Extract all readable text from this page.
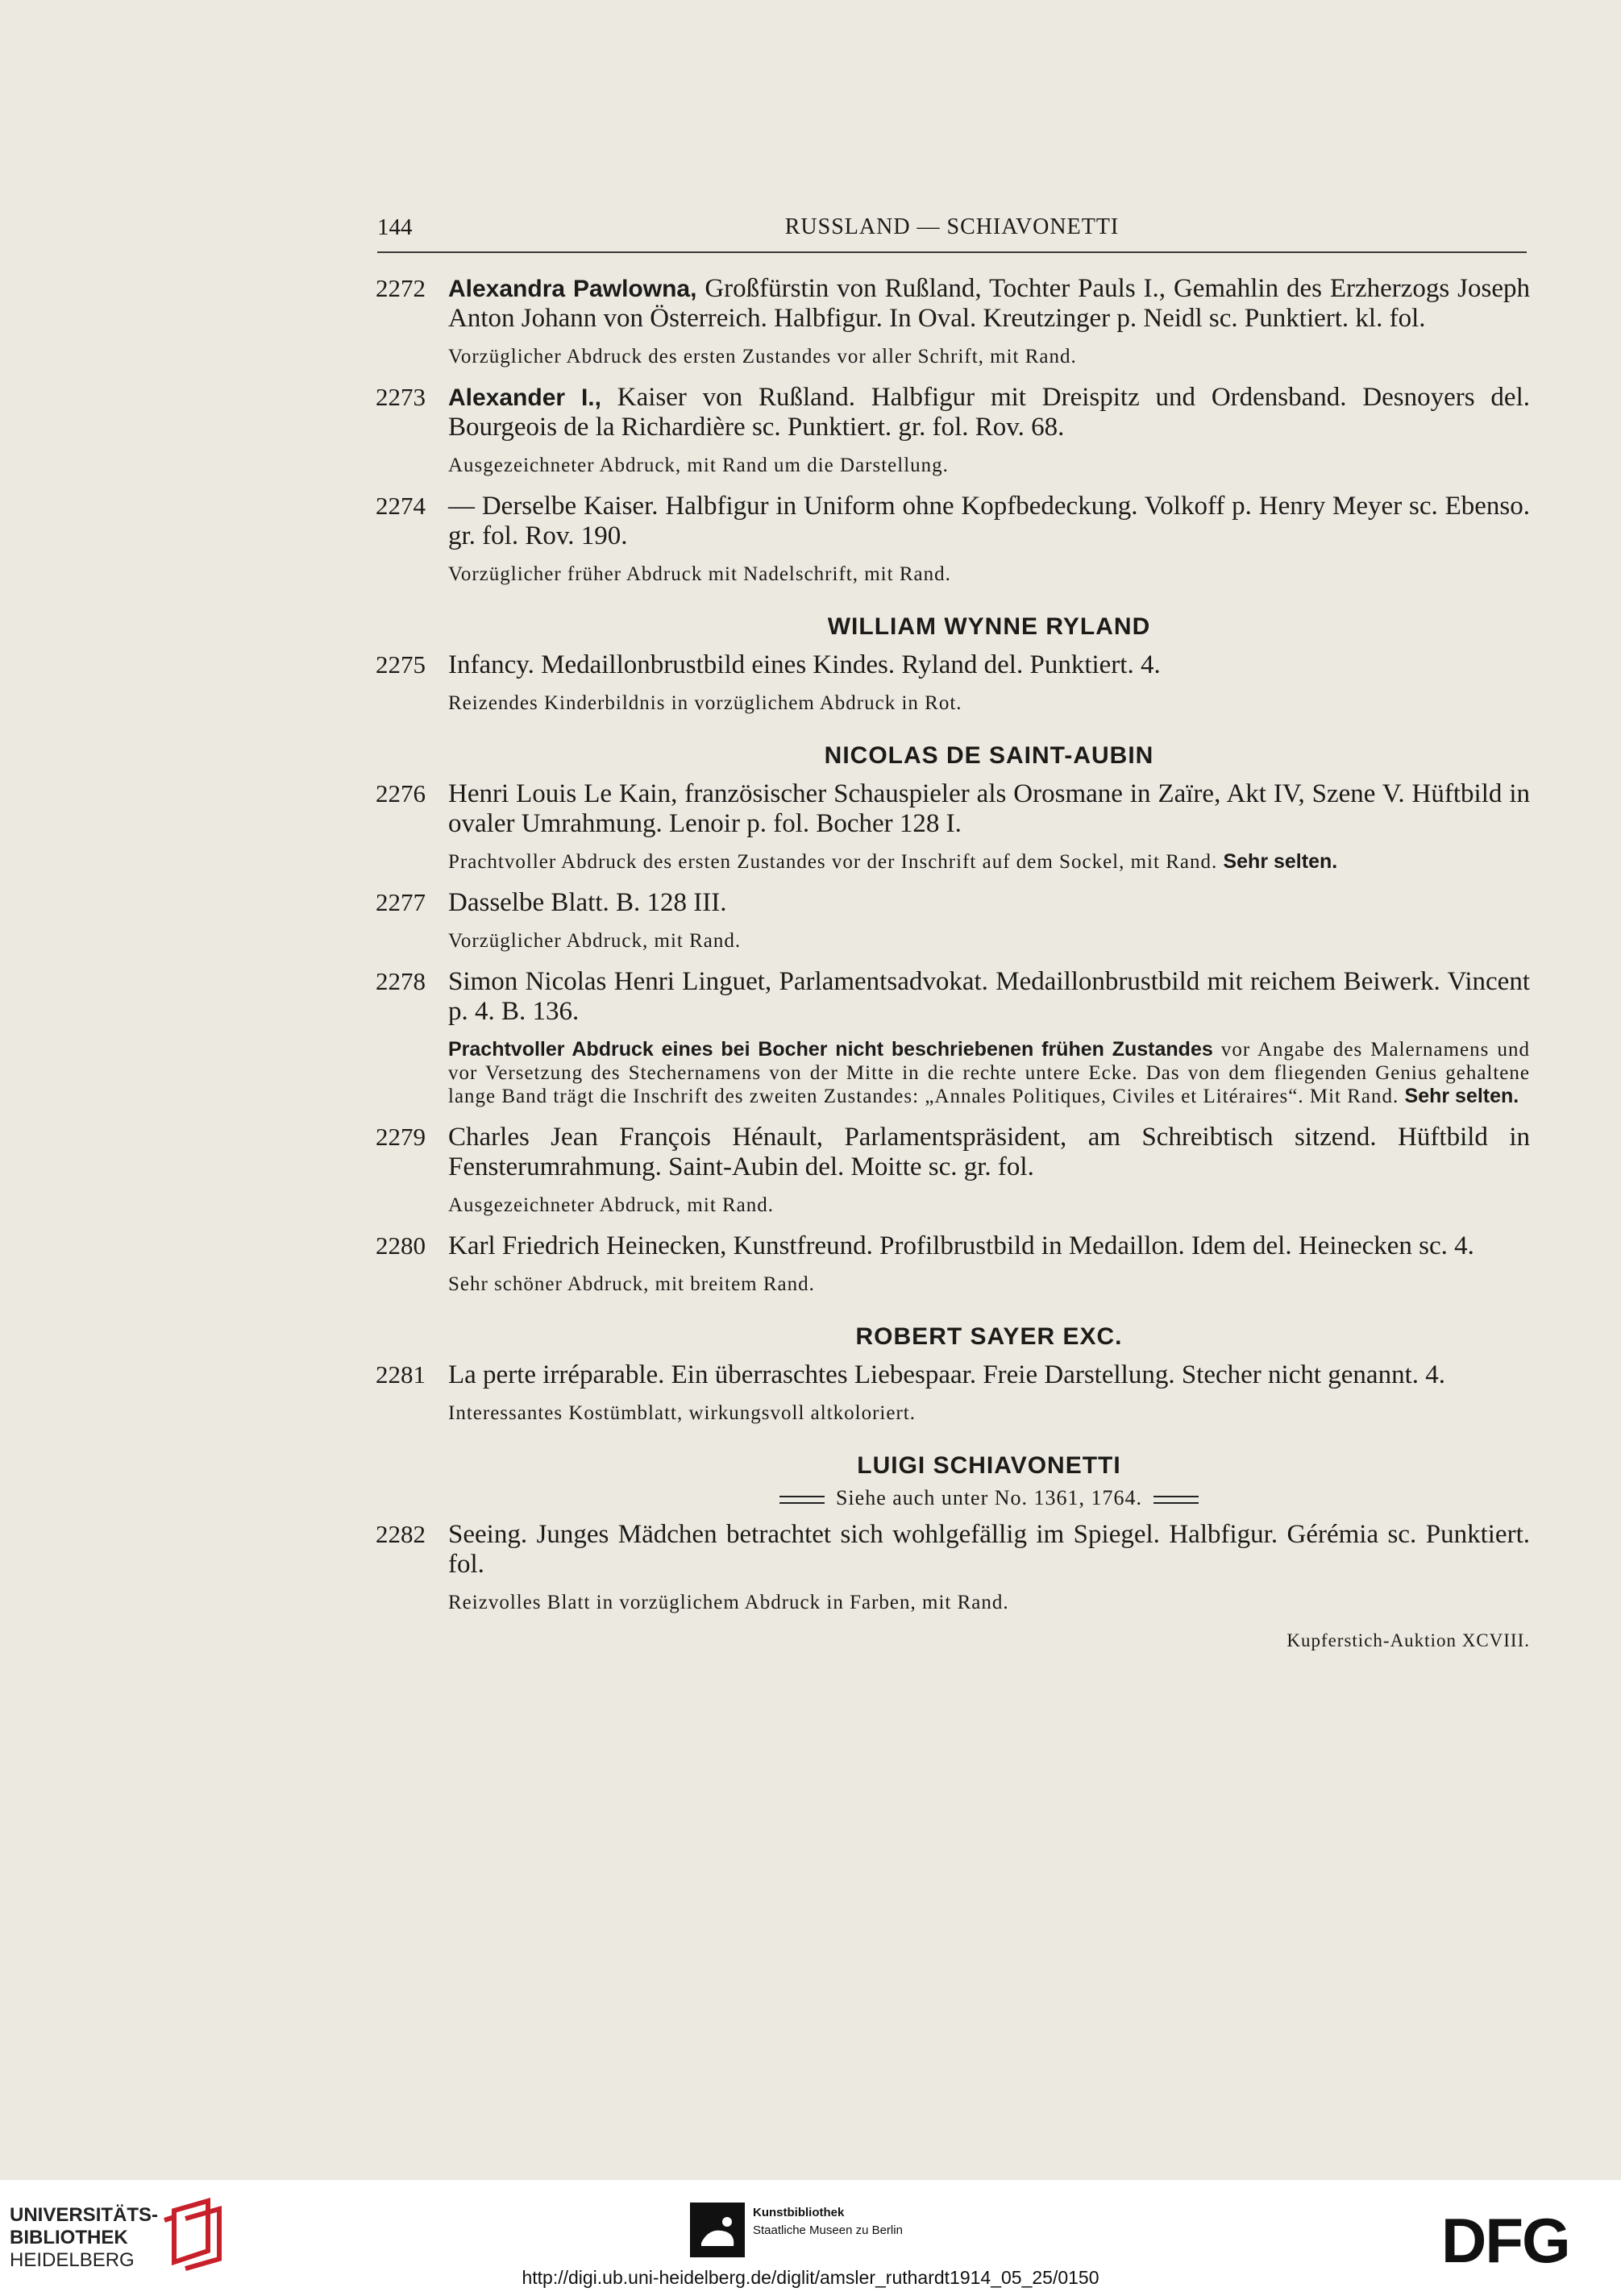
144	RUSSLAND — SCHIAVONETTI
2272 Alexandra Pawlowna, Großfürstin von Rußland, Tochter Pauls I., Gemahlin des Erzherzogs Joseph Anton Johann von Österreich. Halbfigur. In Oval. Kreutzinger p. Neidl sc. Punktiert. kl. fol.
Vorzüglicher Abdruck des ersten Zustandes vor aller Schrift, mit Rand.
2273 Alexander I., Kaiser von Rußland. Halbfigur mit Dreispitz und Ordensband. Desnoyers del. Bourgeois de la Richardière sc. Punktiert. gr. fol. Rov. 68.
Ausgezeichneter Abdruck, mit Rand um die Darstellung.
2274 — Derselbe Kaiser. Halbfigur in Uniform ohne Kopfbedeckung. Volkoff p. Henry Meyer sc. Ebenso. gr. fol. Rov. 190.
Vorzüglicher früher Abdruck mit Nadelschrift, mit Rand.
WILLIAM WYNNE RYLAND
2275 Infancy. Medaillonbrustbild eines Kindes. Ryland del. Punktiert. 4.
Reizendes Kinderbildnis in vorzüglichem Abdruck in Rot.
NICOLAS DE SAINT-AUBIN
2276 Henri Louis Le Kain, französischer Schauspieler als Orosmane in Zaïre, Akt IV, Szene V. Hüftbild in ovaler Umrahmung. Lenoir p. fol. Bocher 128 I.
Prachtvoller Abdruck des ersten Zustandes vor der Inschrift auf dem Sockel, mit Rand. Sehr selten.
2277 Dasselbe Blatt. B. 128 III.
Vorzüglicher Abdruck, mit Rand.
2278 Simon Nicolas Henri Linguet, Parlamentsadvokat. Medaillonbrustbild mit reichem Beiwerk. Vincent p. 4. B. 136.
Prachtvoller Abdruck eines bei Bocher nicht beschriebenen frühen Zustandes vor Angabe des Malernamens und vor Versetzung des Stechernamens von der Mitte in die rechte untere Ecke. Das von dem fliegenden Genius gehaltene lange Band trägt die Inschrift des zweiten Zustandes: „Annales Politiques, Civiles et Litéraires“. Mit Rand. Sehr selten.
2279 Charles Jean François Hénault, Parlamentspräsident, am Schreibtisch sitzend. Hüftbild in Fensterumrahmung. Saint-Aubin del. Moitte sc. gr. fol.
Ausgezeichneter Abdruck, mit Rand.
2280 Karl Friedrich Heinecken, Kunstfreund. Profilbrustbild in Medaillon. Idem del. Heinecken sc. 4.
Sehr schöner Abdruck, mit breitem Rand.
ROBERT SAYER EXC.
2281 La perte irréparable. Ein überraschtes Liebespaar. Freie Darstellung. Stecher nicht genannt. 4.
Interessantes Kostümblatt, wirkungsvoll altkoloriert.
LUIGI SCHIAVONETTI
Siehe auch unter No. 1361, 1764.
2282 Seeing. Junges Mädchen betrachtet sich wohlgefällig im Spiegel. Halbfigur. Gérémia sc. Punktiert. fol.
Reizvolles Blatt in vorzüglichem Abdruck in Farben, mit Rand.
Kupferstich-Auktion XCVIII.
UNIVERSITÄTS-
BIBLIOTHEK
HEIDELBERG
Kunstbibliothek
Staatliche Museen zu Berlin	DFG
http://digi.ub.uni-heidelberg.de/diglit/amsler_ruthardt1914_05_25/0150
